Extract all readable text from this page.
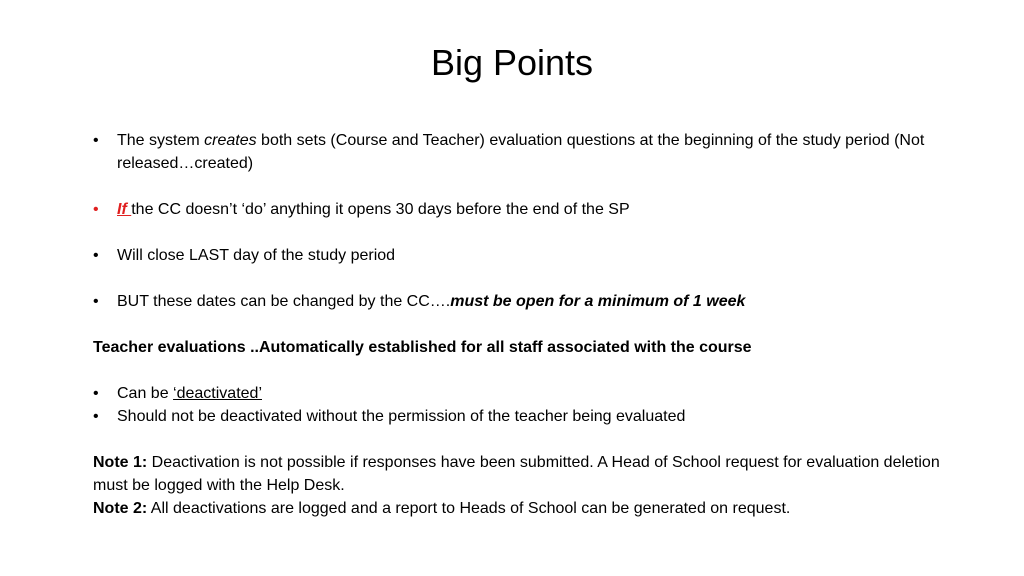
Big Points

•	The system creates both sets (Course and Teacher) evaluation questions at the beginning of the study period (Not released…created)

•	If the CC doesn’t ‘do’ anything it opens 30 days before the end of the SP

•	Will close LAST day of the study period

•	BUT these dates can be changed by the CC….must be open for a minimum of 1 week

Teacher evaluations ..Automatically established for all staff associated with the course

•	Can be ‘deactivated’

•	Should not be deactivated without the permission of the teacher being evaluated

Note 1: Deactivation is not possible if responses have been submitted. A Head of School request for evaluation deletion must be logged with the Help Desk.

Note 2: All deactivations are logged and a report to Heads of School can be generated on request.
